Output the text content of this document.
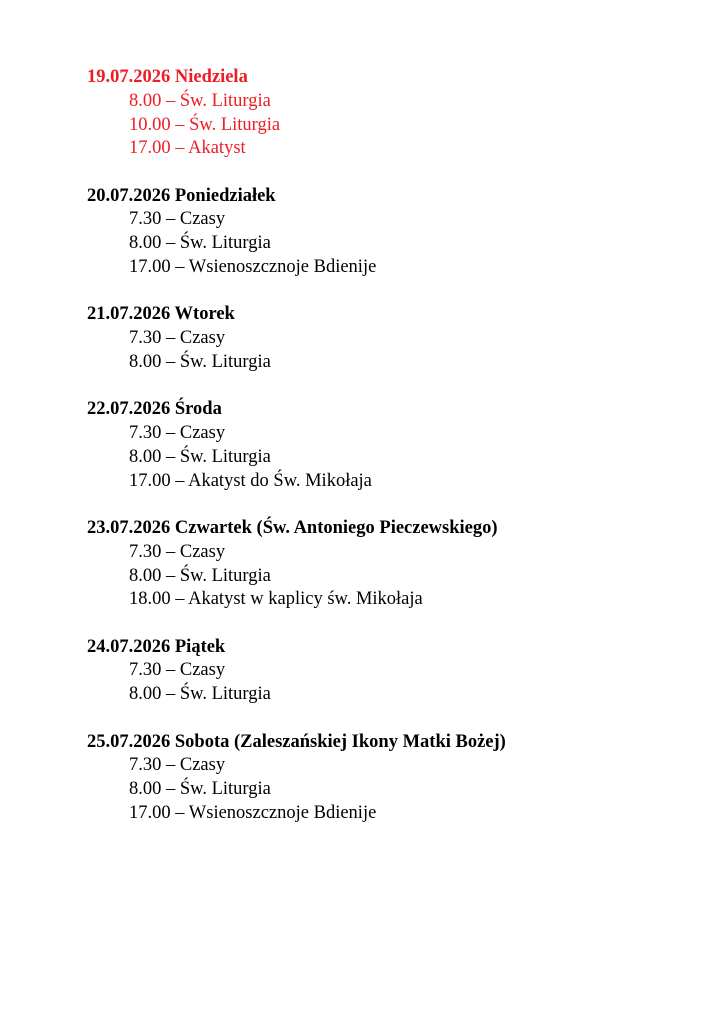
19.07.2026 Niedziela
8.00 – Św. Liturgia
10.00 – Św. Liturgia
17.00 – Akatyst
20.07.2026 Poniedziałek
7.30 – Czasy
8.00 – Św. Liturgia
17.00 – Wsienoszcznoje Bdienije
21.07.2026 Wtorek
7.30 – Czasy
8.00 – Św. Liturgia
22.07.2026 Środa
7.30 – Czasy
8.00 – Św. Liturgia
17.00 – Akatyst do Św. Mikołaja
23.07.2026 Czwartek (Św. Antoniego Pieczewskiego)
7.30 – Czasy
8.00 – Św. Liturgia
18.00 – Akatyst w kaplicy św. Mikołaja
24.07.2026 Piątek
7.30 – Czasy
8.00 – Św. Liturgia
25.07.2026 Sobota (Zaleszańskiej Ikony Matki Bożej)
7.30 – Czasy
8.00 – Św. Liturgia
17.00 – Wsienoszcznoje Bdienije
